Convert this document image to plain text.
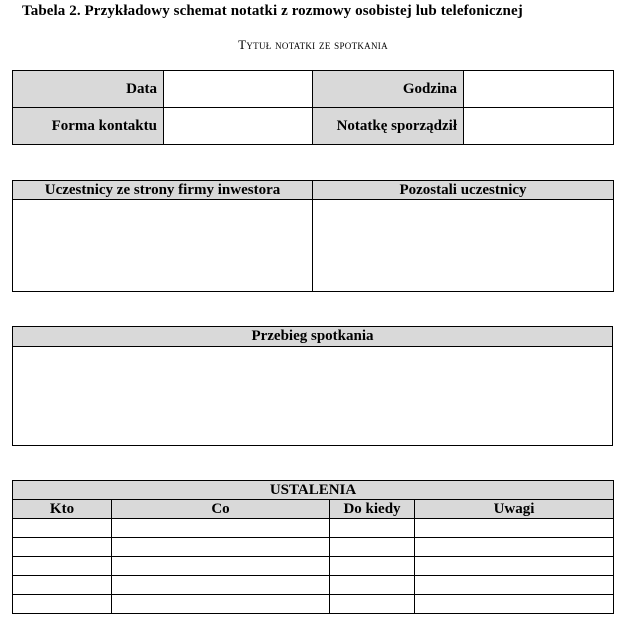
Tabela 2. Przykładowy schemat notatki z rozmowy osobistej lub telefonicznej
Tytuł notatki ze spotkania
Data		Godzina	
Forma kontaktu		Notatkę sporządził	
Uczestnicy ze strony firmy inwestora	Pozostali uczestnicy

Przebieg spotkania

USTALENIA			
Kto	Co	Do kiedy	Uwagi
